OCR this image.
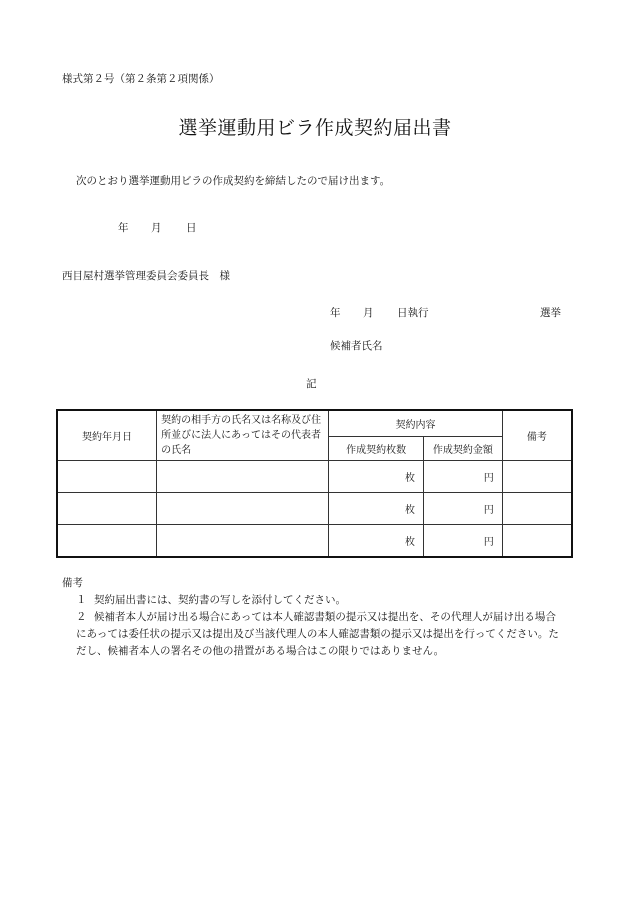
様式第２号（第２条第２項関係）
選挙運動用ビラ作成契約届出書
次のとおり選挙運動用ビラの作成契約を締結したので届け出ます。
年 月 日
西目屋村選挙管理委員会委員長　様
年 月 日執行	選挙
候補者氏名
記
契約年月日	契約の相手方の氏名又は名称及び住所並びに法人にあってはその代表者の氏名	契約内容		備考
		作成契約枚数	作成契約金額	
		枚	円	
		枚	円	
		枚	円	
備考
１ 契約届出書には、契約書の写しを添付してください。
２ 候補者本人が届け出る場合にあっては本人確認書類の提示又は提出を、その代理人が届け出る場合にあっては委任状の提示又は提出及び当該代理人の本人確認書類の提示又は提出を行ってください。ただし、候補者本人の署名その他の措置がある場合はこの限りではありません。
